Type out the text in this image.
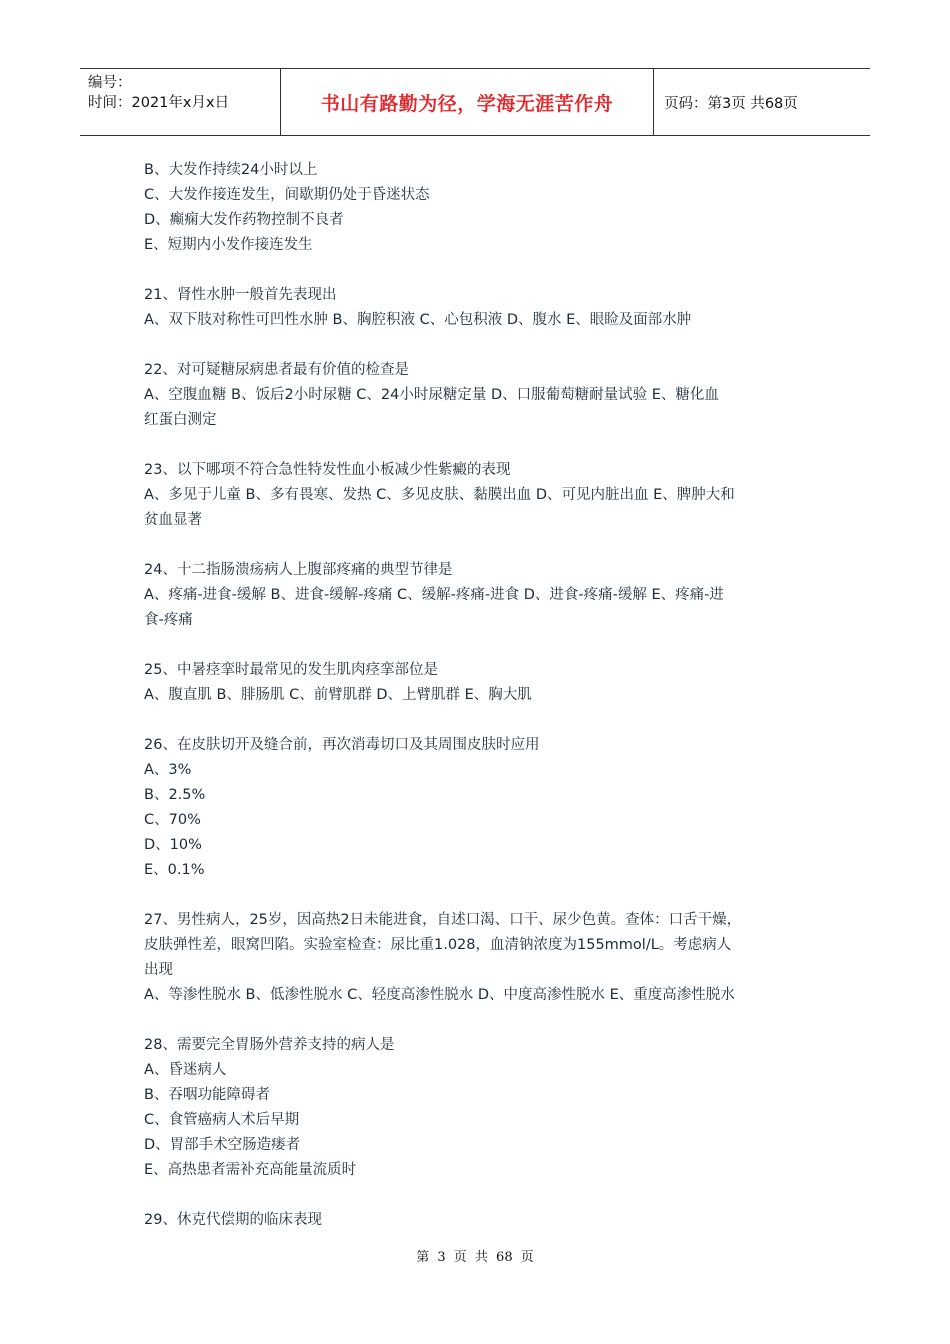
编号：
时间：2021年x月x日	书山有路勤为径，学海无涯苦作舟	页码：第3页 共68页
B、大发作持续24小时以上
C、大发作接连发生，间歇期仍处于昏迷状态
D、癫痫大发作药物控制不良者
E、短期内小发作接连发生
21、肾性水肿一般首先表现出
A、双下肢对称性可凹性水肿 B、胸腔积液 C、心包积液 D、腹水 E、眼睑及面部水肿
22、对可疑糖尿病患者最有价值的检查是
A、空腹血糖 B、饭后2小时尿糖 C、24小时尿糖定量 D、口服葡萄糖耐量试验 E、糖化血
红蛋白测定
23、以下哪项不符合急性特发性血小板减少性紫癜的表现
A、多见于儿童 B、多有畏寒、发热 C、多见皮肤、黏膜出血 D、可见内脏出血 E、脾肿大和
贫血显著
24、十二指肠溃疡病人上腹部疼痛的典型节律是
A、疼痛-进食-缓解 B、进食-缓解-疼痛 C、缓解-疼痛-进食 D、进食-疼痛-缓解 E、疼痛-进
食-疼痛
25、中暑痉挛时最常见的发生肌肉痉挛部位是
A、腹直肌 B、腓肠肌 C、前臂肌群 D、上臂肌群 E、胸大肌
26、在皮肤切开及缝合前，再次消毒切口及其周围皮肤时应用
A、3%
B、2.5%
C、70%
D、10%
E、0.1%
27、男性病人，25岁，因高热2日未能进食，自述口渴、口干、尿少色黄。查体：口舌干燥，
皮肤弹性差，眼窝凹陷。实验室检查：尿比重1.028，血清钠浓度为155mmol/L。考虑病人
出现
A、等渗性脱水 B、低渗性脱水 C、轻度高渗性脱水 D、中度高渗性脱水 E、重度高渗性脱水
28、需要完全胃肠外营养支持的病人是
A、昏迷病人
B、吞咽功能障碍者
C、食管癌病人术后早期
D、胃部手术空肠造瘘者
E、高热患者需补充高能量流质时
29、休克代偿期的临床表现
第 3 页 共 68 页
